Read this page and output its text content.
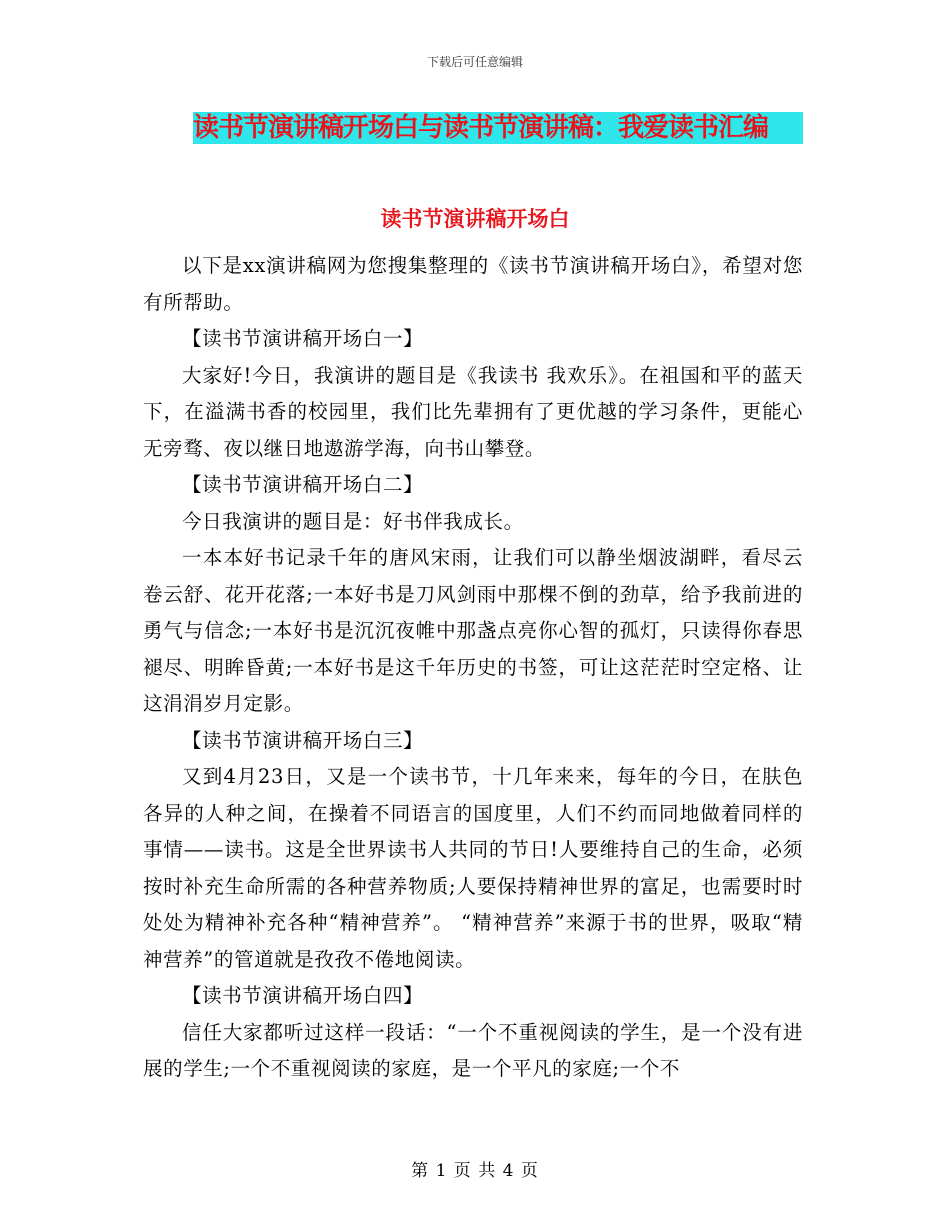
下载后可任意编辑
读书节演讲稿开场白与读书节演讲稿：我爱读书汇编
读书节演讲稿开场白

以下是xx演讲稿网为您搜集整理的《读书节演讲稿开场白》，希望对您有所帮助。

【读书节演讲稿开场白一】

大家好!今日，我演讲的题目是《我读书 我欢乐》。在祖国和平的蓝天下，在溢满书香的校园里，我们比先辈拥有了更优越的学习条件，更能心无旁骛、夜以继日地遨游学海，向书山攀登。

【读书节演讲稿开场白二】

今日我演讲的题目是：好书伴我成长。

一本本好书记录千年的唐风宋雨，让我们可以静坐烟波湖畔，看尽云卷云舒、花开花落;一本好书是刀风剑雨中那棵不倒的劲草，给予我前进的勇气与信念;一本好书是沉沉夜帷中那盏点亮你心智的孤灯，只读得你春思褪尽、明眸昏黄;一本好书是这千年历史的书签，可让这茫茫时空定格、让这涓涓岁月定影。

【读书节演讲稿开场白三】

又到4月23日，又是一个读书节，十几年来来，每年的今日，在肤色各异的人种之间，在操着不同语言的国度里，人们不约而同地做着同样的事情——读书。这是全世界读书人共同的节日!人要维持自己的生命，必须按时补充生命所需的各种营养物质;人要保持精神世界的富足，也需要时时处处为精神补充各种“精神营养”。 “精神营养”来源于书的世界，吸取“精神营养”的管道就是孜孜不倦地阅读。

【读书节演讲稿开场白四】

信任大家都听过这样一段话：“一个不重视阅读的学生，是一个没有进展的学生;一个不重视阅读的家庭，是一个平凡的家庭;一个不

第 1 页 共 4 页
